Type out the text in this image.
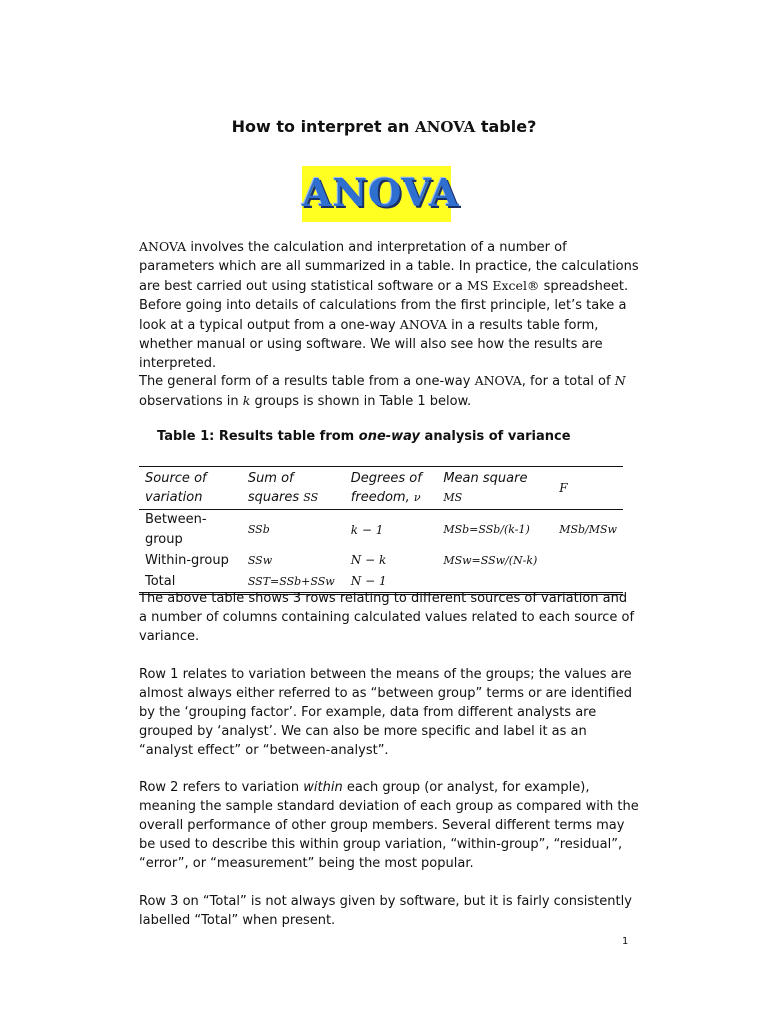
How to interpret an ANOVA table?
ANOVA

ANOVA involves the calculation and interpretation of a number of parameters which are all summarized in a table. In practice, the calculations are best carried out using statistical software or a MS Excel® spreadsheet. Before going into details of calculations from the first principle, let’s take a look at a typical output from a one-way ANOVA in a results table form, whether manual or using software. We will also see how the results are interpreted.

The general form of a results table from a one-way ANOVA, for a total of N observations in k groups is shown in Table 1 below.

Table 1: Results table from one-way analysis of variance
Source of variation	Sum of squares SS	Degrees of freedom, ν	Mean square MS	F
Between-group	SSb	k − 1	MSb=SSb/(k-1)	MSb/MSw
Within-group	SSw	N − k	MSw=SSw/(N-k)	
Total	SST=SSb+SSw	N − 1		

The above table shows 3 rows relating to different sources of variation and a number of columns containing calculated values related to each source of variance.

Row 1 relates to variation between the means of the groups; the values are almost always either referred to as “between group” terms or are identified by the ‘grouping factor’. For example, data from different analysts are grouped by ‘analyst’. We can also be more specific and label it as an “analyst effect” or “between-analyst”.

Row 2 refers to variation within each group (or analyst, for example), meaning the sample standard deviation of each group as compared with the overall performance of other group members. Several different terms may be used to describe this within group variation, “within-group”, “residual”, “error”, or “measurement” being the most popular.

Row 3 on “Total” is not always given by software, but it is fairly consistently labelled “Total” when present.

1
